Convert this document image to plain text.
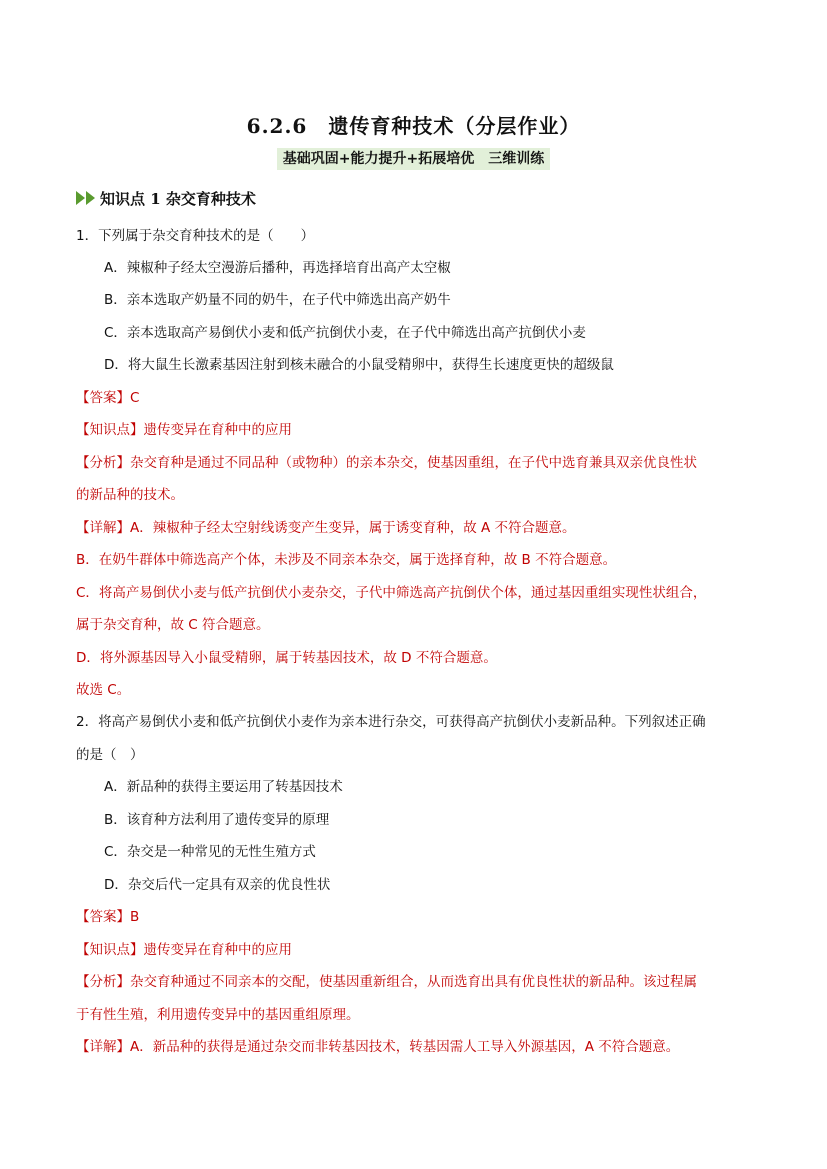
6.2.6　遗传育种技术（分层作业）
基础巩固+能力提升+拓展培优　三维训练
知识点 1 杂交育种技术
1．下列属于杂交育种技术的是（　　）
A．辣椒种子经太空漫游后播种，再选择培育出高产太空椒
B．亲本选取产奶量不同的奶牛，在子代中筛选出高产奶牛
C．亲本选取高产易倒伏小麦和低产抗倒伏小麦，在子代中筛选出高产抗倒伏小麦
D．将大鼠生长激素基因注射到核未融合的小鼠受精卵中，获得生长速度更快的超级鼠
【答案】C
【知识点】遗传变异在育种中的应用
【分析】杂交育种是通过不同品种（或物种）的亲本杂交，使基因重组，在子代中选育兼具双亲优良性状
的新品种的技术。
【详解】A．辣椒种子经太空射线诱变产生变异，属于诱变育种，故 A 不符合题意。
B．在奶牛群体中筛选高产个体，未涉及不同亲本杂交，属于选择育种，故 B 不符合题意。
C．将高产易倒伏小麦与低产抗倒伏小麦杂交，子代中筛选高产抗倒伏个体，通过基因重组实现性状组合，
属于杂交育种，故 C 符合题意。
D．将外源基因导入小鼠受精卵，属于转基因技术，故 D 不符合题意。
故选 C。
2．将高产易倒伏小麦和低产抗倒伏小麦作为亲本进行杂交，可获得高产抗倒伏小麦新品种。下列叙述正确
的是（　）
A．新品种的获得主要运用了转基因技术
B．该育种方法利用了遗传变异的原理
C．杂交是一种常见的无性生殖方式
D．杂交后代一定具有双亲的优良性状
【答案】B
【知识点】遗传变异在育种中的应用
【分析】杂交育种通过不同亲本的交配，使基因重新组合，从而选育出具有优良性状的新品种。该过程属
于有性生殖，利用遗传变异中的基因重组原理。
【详解】A．新品种的获得是通过杂交而非转基因技术，转基因需人工导入外源基因，A 不符合题意。
